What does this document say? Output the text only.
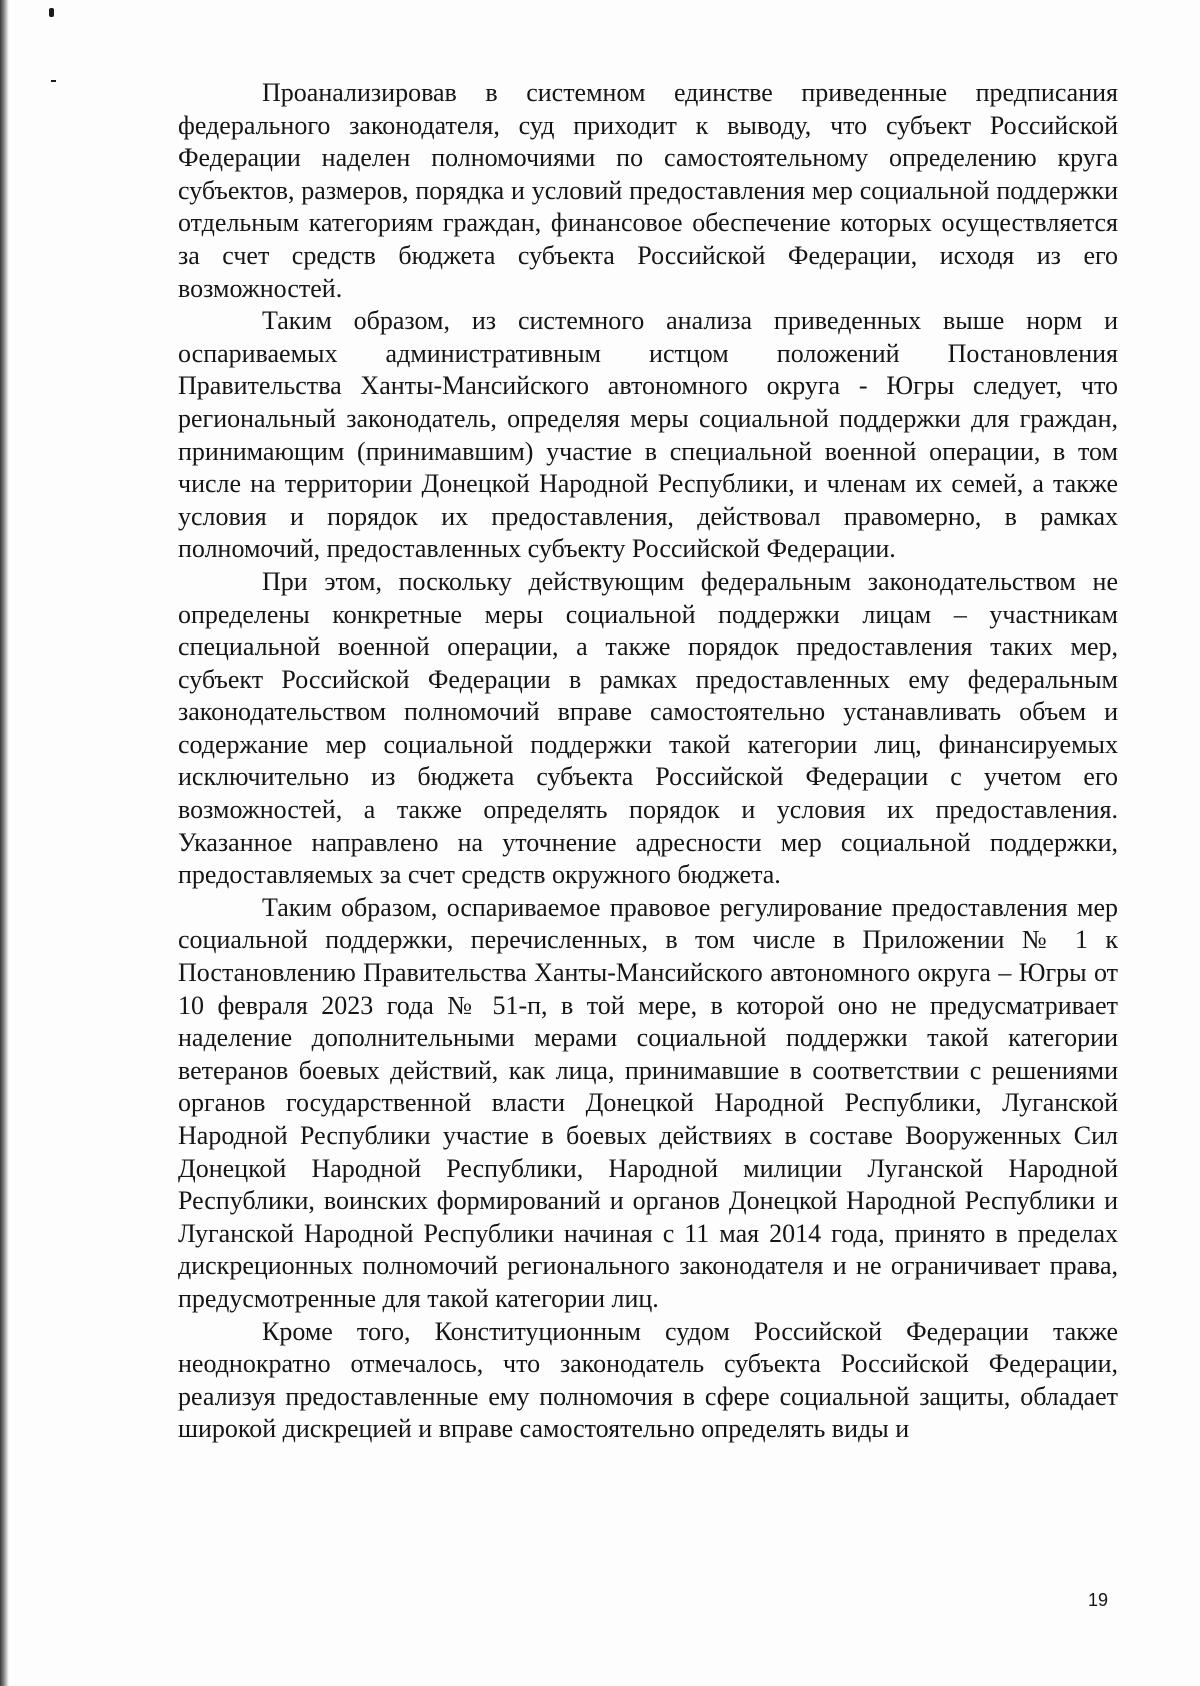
Проанализировав в системном единстве приведенные предписания федерального законодателя, суд приходит к выводу, что субъект Российской Федерации наделен полномочиями по самостоятельному определению круга субъектов, размеров, порядка и условий предоставления мер социальной поддержки отдельным категориям граждан, финансовое обеспечение которых осуществляется за счет средств бюджета субъекта Российской Федерации, исходя из его возможностей.

Таким образом, из системного анализа приведенных выше норм и оспариваемых административным истцом положений Постановления Правительства Ханты-Мансийского автономного округа - Югры следует, что региональный законодатель, определяя меры социальной поддержки для граждан, принимающим (принимавшим) участие в специальной военной операции, в том числе на территории Донецкой Народной Республики, и членам их семей, а также условия и порядок их предоставления, действовал правомерно, в рамках полномочий, предоставленных субъекту Российской Федерации.

При этом, поскольку действующим федеральным законодательством не определены конкретные меры социальной поддержки лицам – участникам специальной военной операции, а также порядок предоставления таких мер, субъект Российской Федерации в рамках предоставленных ему федеральным законодательством полномочий вправе самостоятельно устанавливать объем и содержание мер социальной поддержки такой категории лиц, финансируемых исключительно из бюджета субъекта Российской Федерации с учетом его возможностей, а также определять порядок и условия их предоставления. Указанное направлено на уточнение адресности мер социальной поддержки, предоставляемых за счет средств окружного бюджета.

Таким образом, оспариваемое правовое регулирование предоставления мер социальной поддержки, перечисленных, в том числе в Приложении № 1 к Постановлению Правительства Ханты-Мансийского автономного округа – Югры от 10 февраля 2023 года № 51-п, в той мере, в которой оно не предусматривает наделение дополнительными мерами социальной поддержки такой категории ветеранов боевых действий, как лица, принимавшие в соответствии с решениями органов государственной власти Донецкой Народной Республики, Луганской Народной Республики участие в боевых действиях в составе Вооруженных Сил Донецкой Народной Республики, Народной милиции Луганской Народной Республики, воинских формирований и органов Донецкой Народной Республики и Луганской Народной Республики начиная с 11 мая 2014 года, принято в пределах дискреционных полномочий регионального законодателя и не ограничивает права, предусмотренные для такой категории лиц.

Кроме того, Конституционным судом Российской Федерации также неоднократно отмечалось, что законодатель субъекта Российской Федерации, реализуя предоставленные ему полномочия в сфере социальной защиты, обладает широкой дискрецией и вправе самостоятельно определять виды и

19
